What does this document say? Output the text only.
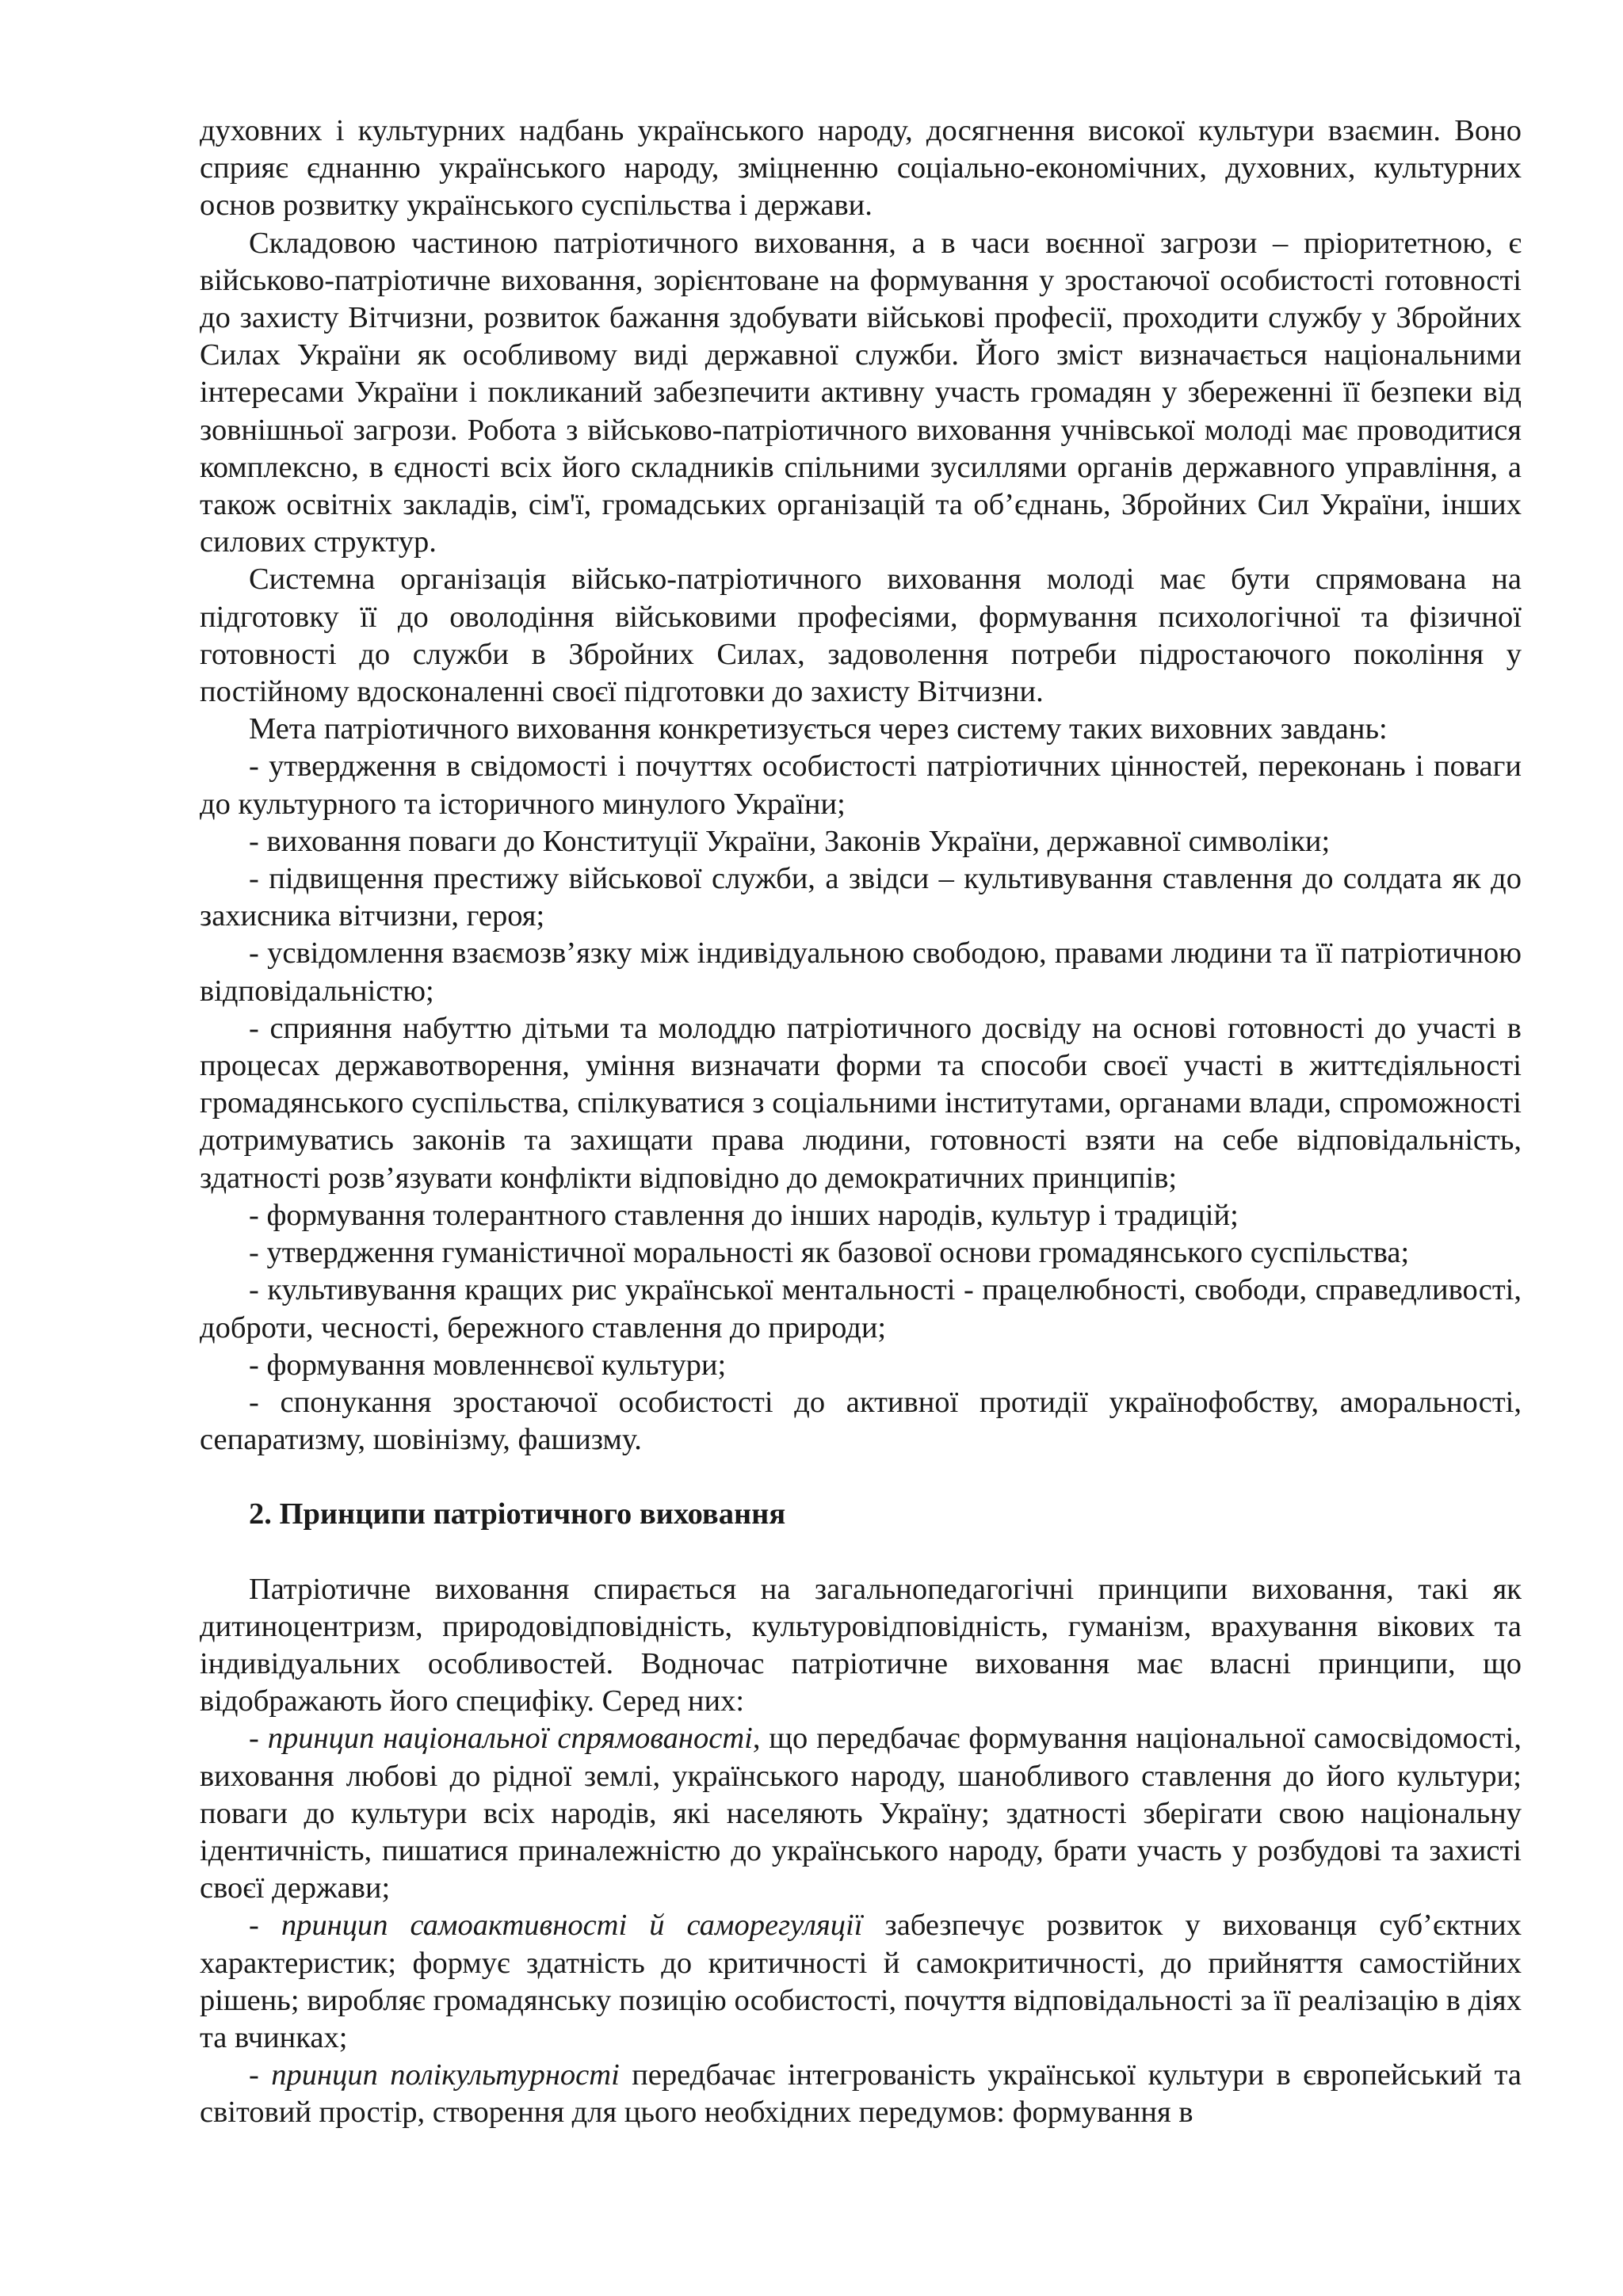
духовних і культурних надбань українського народу, досягнення високої культури взаємин. Воно сприяє єднанню українського народу, зміцненню соціально-економічних, духовних, культурних основ розвитку українського суспільства і держави.

Складовою частиною патріотичного виховання, а в часи воєнної загрози – пріоритетною, є військово-патріотичне виховання, зорієнтоване на формування у зростаючої особистості готовності до захисту Вітчизни, розвиток бажання здобувати військові професії, проходити службу у Збройних Силах України як особливому виді державної служби. Його зміст визначається національними інтересами України і покликаний забезпечити активну участь громадян у збереженні її безпеки від зовнішньої загрози. Робота з військово-патріотичного виховання учнівської молоді має проводитися комплексно, в єдності всіх його складників спільними зусиллями органів державного управління, а також освітніх закладів, сім'ї, громадських організацій та об’єднань, Збройних Сил України, інших силових структур.

Системна організація військо-патріотичного виховання молоді має бути спрямована на підготовку її до оволодіння військовими професіями, формування психологічної та фізичної готовності до служби в Збройних Силах, задоволення потреби підростаючого покоління у постійному вдосконаленні своєї підготовки до захисту Вітчизни.

Мета патріотичного виховання конкретизується через систему таких виховних завдань:

- утвердження в свідомості і почуттях особистості патріотичних цінностей, переконань і поваги до культурного та історичного минулого України;

- виховання поваги до Конституції України, Законів України, державної символіки;

- підвищення престижу військової служби, а звідси – культивування ставлення до солдата як до захисника вітчизни, героя;

- усвідомлення взаємозв’язку між індивідуальною свободою, правами людини та її патріотичною відповідальністю;

- сприяння набуттю дітьми та молоддю патріотичного досвіду на основі готовності до участі в процесах державотворення, уміння визначати форми та способи своєї участі в життєдіяльності громадянського суспільства, спілкуватися з соціальними інститутами, органами влади, спроможності дотримуватись законів та захищати права людини, готовності взяти на себе відповідальність, здатності розв’язувати конфлікти відповідно до демократичних принципів;

- формування толерантного ставлення до інших народів, культур і традицій;

- утвердження гуманістичної моральності як базової основи громадянського суспільства;

- культивування кращих рис української ментальності - працелюбності, свободи, справедливості, доброти, чесності, бережного ставлення до природи;

- формування мовленнєвої культури;

- спонукання зростаючої особистості до активної протидії українофобству, аморальності, сепаратизму, шовінізму, фашизму.

2. Принципи патріотичного виховання

Патріотичне виховання спирається на загальнопедагогічні принципи виховання, такі як дитиноцентризм, природовідповідність, культуровідповідність, гуманізм, врахування вікових та індивідуальних особливостей. Водночас патріотичне виховання має власні принципи, що відображають його специфіку. Серед них:

- принцип національної спрямованості, що передбачає формування національної самосвідомості, виховання любові до рідної землі, українського народу, шанобливого ставлення до його культури; поваги до культури всіх народів, які населяють Україну; здатності зберігати свою національну ідентичність, пишатися приналежністю до українського народу, брати участь у розбудові та захисті своєї держави;

- принцип самоактивності й саморегуляції забезпечує розвиток у вихованця суб’єктних характеристик; формує здатність до критичності й самокритичності, до прийняття самостійних рішень; виробляє громадянську позицію особистості, почуття відповідальності за її реалізацію в діях та вчинках;

- принцип полікультурності передбачає інтегрованість української культури в європейський та світовий простір, створення для цього необхідних передумов: формування в
